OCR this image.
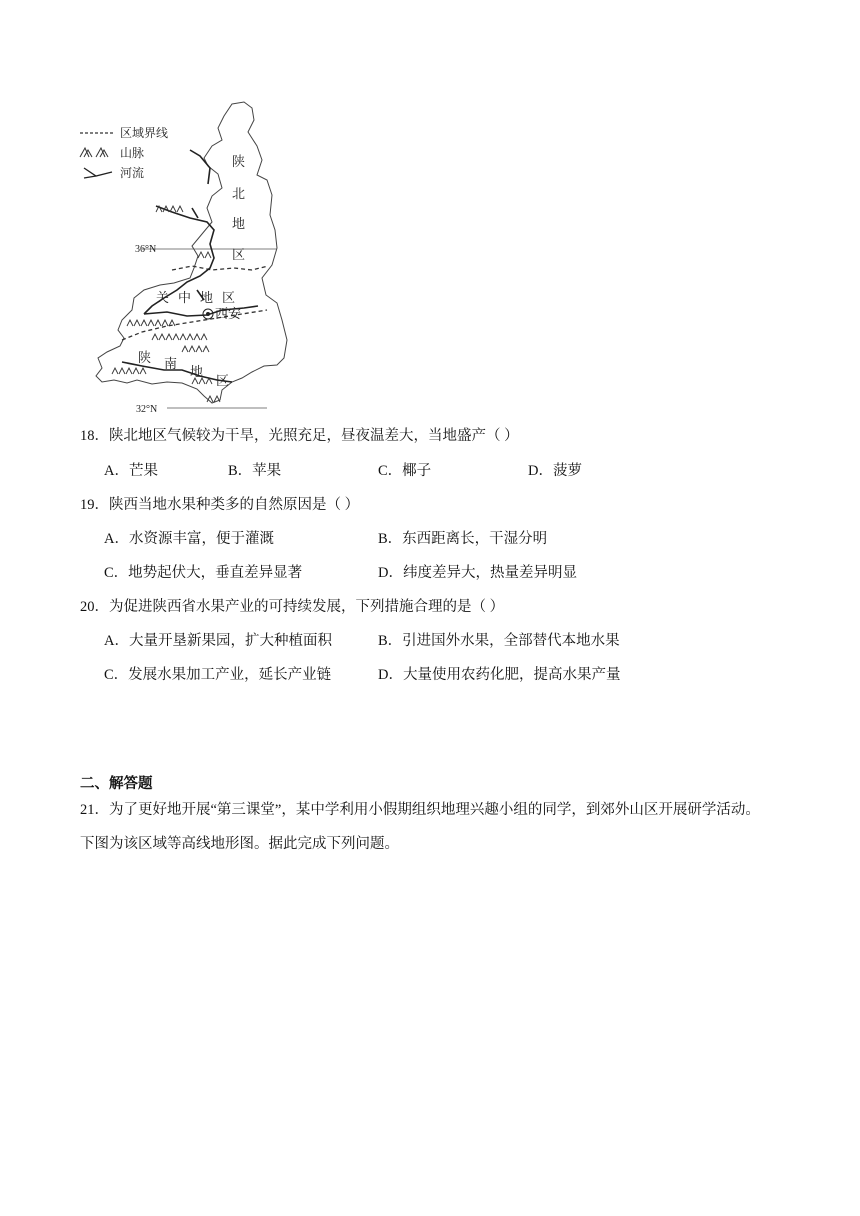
区域界线
山脉
河流
36°N
32°N
陕
北
地
区
关 中 地 区
西安
陕 南
地
区
18．陕北地区气候较为干旱，光照充足，昼夜温差大，当地盛产（ ）
A．芒果	B．苹果	C．椰子	D．菠萝
19．陕西当地水果种类多的自然原因是（ ）
A．水资源丰富，便于灌溉	B．东西距离长，干湿分明
C．地势起伏大，垂直差异显著	D．纬度差异大，热量差异明显
20．为促进陕西省水果产业的可持续发展，下列措施合理的是（ ）
A．大量开垦新果园，扩大种植面积	B．引进国外水果，全部替代本地水果
C．发展水果加工产业，延长产业链	D．大量使用农药化肥，提高水果产量
二、解答题
21．为了更好地开展“第三课堂”，某中学利用小假期组织地理兴趣小组的同学，到郊外山区开展研学活动。
下图为该区域等高线地形图。据此完成下列问题。
